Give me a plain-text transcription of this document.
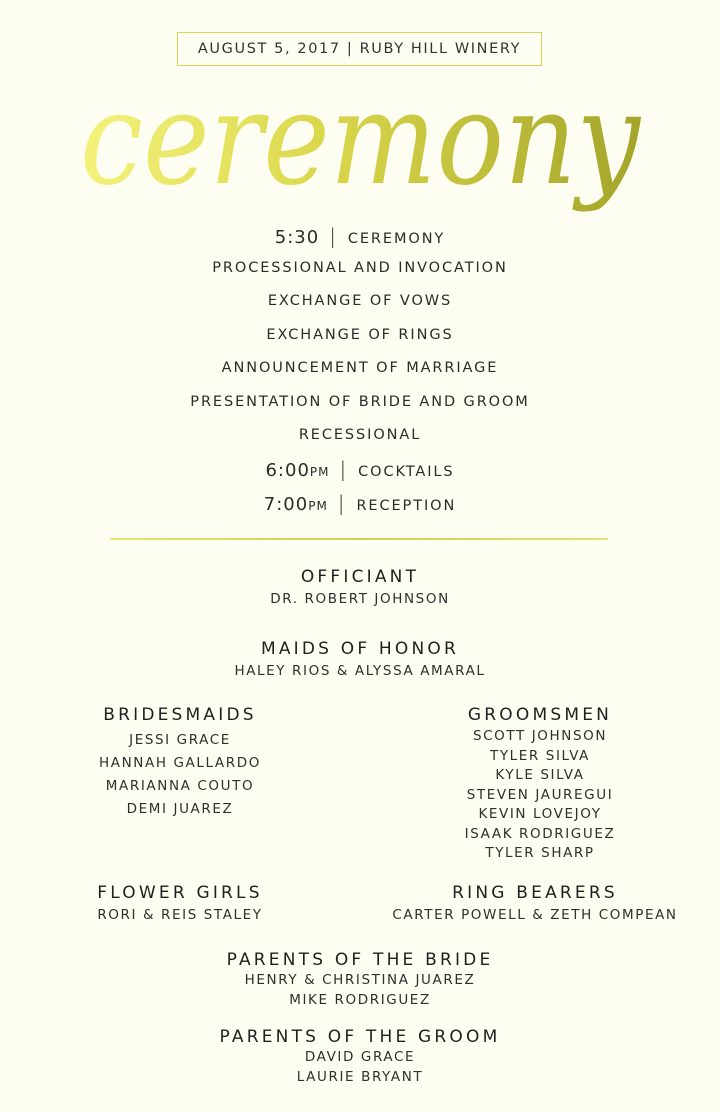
AUGUST 5, 2017 | RUBY HILL WINERY
ceremony
5:30 | CEREMONY
PROCESSIONAL AND INVOCATION
EXCHANGE OF VOWS
EXCHANGE OF RINGS
ANNOUNCEMENT OF MARRIAGE
PRESENTATION OF BRIDE AND GROOM
RECESSIONAL
6:00PM | COCKTAILS
7:00PM | RECEPTION
OFFICIANT
DR. ROBERT JOHNSON
MAIDS OF HONOR
HALEY RIOS & ALYSSA AMARAL
BRIDESMAIDS
JESSI GRACE
HANNAH GALLARDO
MARIANNA COUTO
DEMI JUAREZ
GROOMSMEN
SCOTT JOHNSON
TYLER SILVA
KYLE SILVA
STEVEN JAUREGUI
KEVIN LOVEJOY
ISAAK RODRIGUEZ
TYLER SHARP
FLOWER GIRLS
RORI & REIS STALEY
RING BEARERS
CARTER POWELL & ZETH COMPEAN
PARENTS OF THE BRIDE
HENRY & CHRISTINA JUAREZ
MIKE RODRIGUEZ
PARENTS OF THE GROOM
DAVID GRACE
LAURIE BRYANT
